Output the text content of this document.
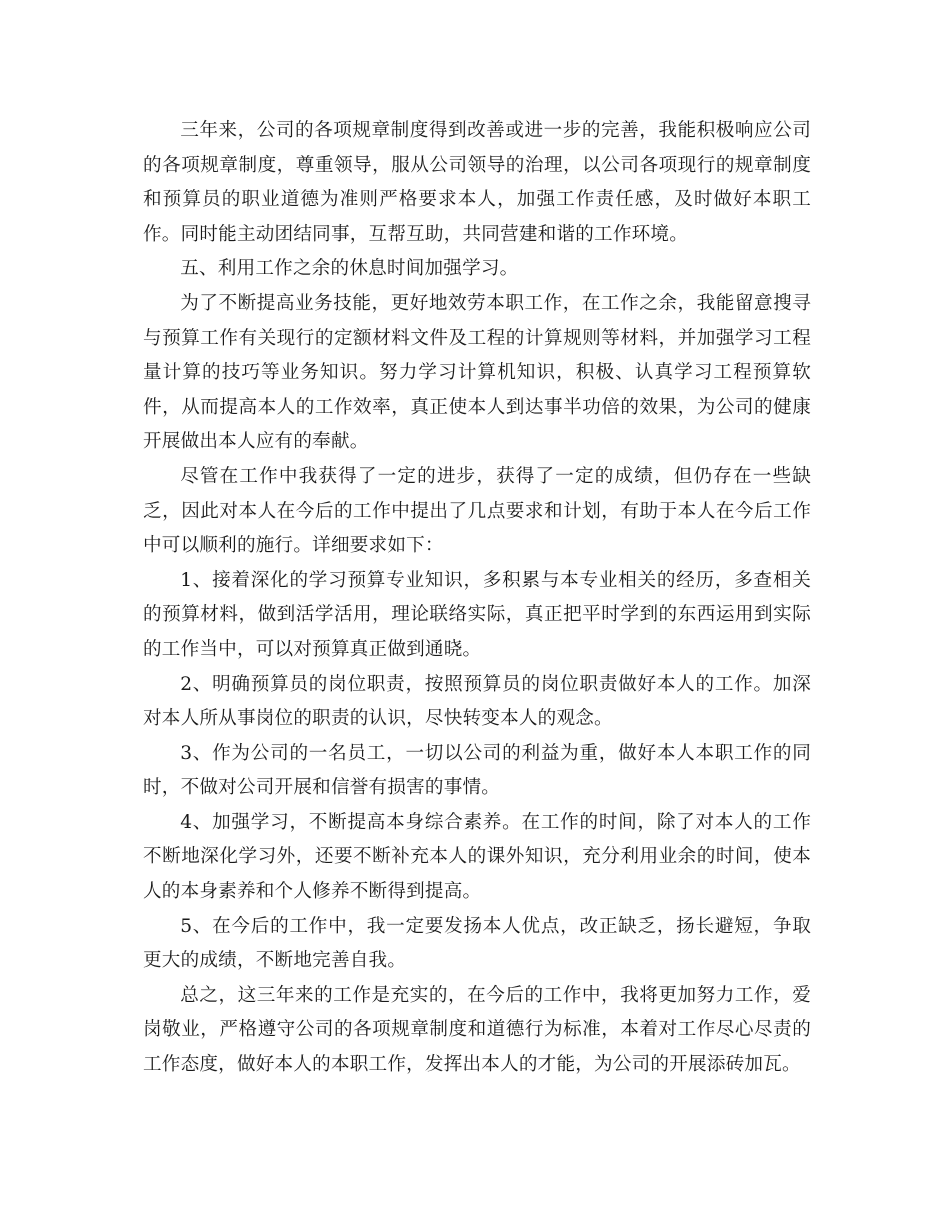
三年来，公司的各项规章制度得到改善或进一步的完善，我能积极响应公司的各项规章制度，尊重领导，服从公司领导的治理，以公司各项现行的规章制度和预算员的职业道德为准则严格要求本人，加强工作责任感，及时做好本职工作。同时能主动团结同事，互帮互助，共同营建和谐的工作环境。

五、利用工作之余的休息时间加强学习。

为了不断提高业务技能，更好地效劳本职工作，在工作之余，我能留意搜寻与预算工作有关现行的定额材料文件及工程的计算规则等材料，并加强学习工程量计算的技巧等业务知识。努力学习计算机知识，积极、认真学习工程预算软件，从而提高本人的工作效率，真正使本人到达事半功倍的效果，为公司的健康开展做出本人应有的奉献。

尽管在工作中我获得了一定的进步，获得了一定的成绩，但仍存在一些缺乏，因此对本人在今后的工作中提出了几点要求和计划，有助于本人在今后工作中可以顺利的施行。详细要求如下：

1、接着深化的学习预算专业知识，多积累与本专业相关的经历，多查相关的预算材料，做到活学活用，理论联络实际，真正把平时学到的东西运用到实际的工作当中，可以对预算真正做到通晓。

2、明确预算员的岗位职责，按照预算员的岗位职责做好本人的工作。加深对本人所从事岗位的职责的认识，尽快转变本人的观念。

3、作为公司的一名员工，一切以公司的利益为重，做好本人本职工作的同时，不做对公司开展和信誉有损害的事情。

4、加强学习，不断提高本身综合素养。在工作的时间，除了对本人的工作不断地深化学习外，还要不断补充本人的课外知识，充分利用业余的时间，使本人的本身素养和个人修养不断得到提高。

5、在今后的工作中，我一定要发扬本人优点，改正缺乏，扬长避短，争取更大的成绩，不断地完善自我。

总之，这三年来的工作是充实的，在今后的工作中，我将更加努力工作，爱岗敬业，严格遵守公司的各项规章制度和道德行为标准，本着对工作尽心尽责的工作态度，做好本人的本职工作，发挥出本人的才能，为公司的开展添砖加瓦。
